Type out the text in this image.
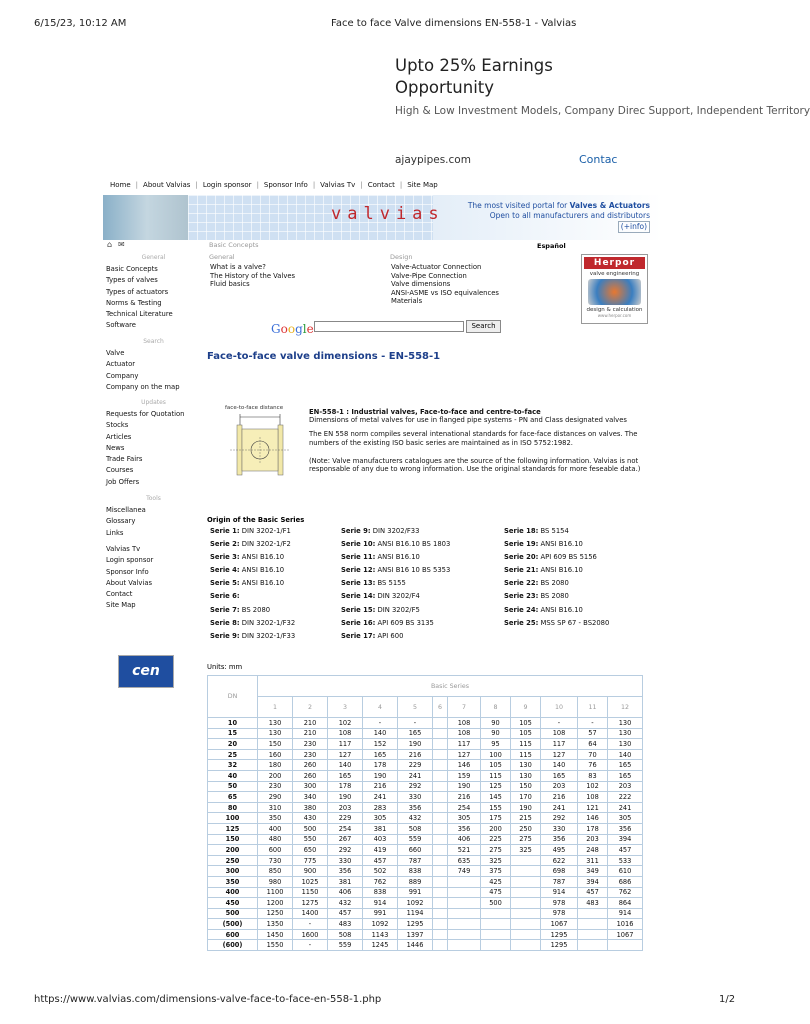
6/15/23, 10:12 AM	Face to face Valve dimensions EN-558-1 - Valvias
Upto 25% Earnings Opportunity
High & Low Investment Models, Company Direc Support, Independent Territory
ajaypipes.com	Contac
Home | About Valvias | Login sponsor | Sponsor Info | Valvias Tv | Contact | Site Map
valvias	The most visited portal for Valves & Actuators
Open to all manufacturers and distributors
(+info)
⌂ ✉	Basic Concepts	Español
General
Basic Concepts
Types of valves
Types of actuators
Norms & Testing
Technical Literature
Software
Search
Valve
Actuator
Company
Company on the map
Updates
Requests for Quotation
Stocks
Articles
News
Trade Fairs
Courses
Job Offers
Tools
Miscellanea
Glossary
Links
Valvias Tv
Login sponsor
Sponsor Info
About Valvias
Contact
Site Map
General
What is a valve?
The History of the Valves
Fluid basics
Design
Valve-Actuator Connection
Valve-Pipe Connection
Valve dimensions
ANSI-ASME vs ISO equivalences
Materials
Herpor
valve engineering
design & calculation
www.herpor.com
Google	Search
Face-to-face valve dimensions - EN-558-1
face-to-face distance	EN-558-1 : Industrial valves, Face-to-face and centre-to-face
Dimensions of metal valves for use in flanged pipe systems - PN and Class designated valves
The EN 558 norm compiles several intenational standards for face-face distances on valves. The numbers of the existing ISO basic series are maintained as in ISO 5752:1982.
(Note: Valve manufacturers catalogues are the source of the following information. Valvias is not responsable of any due to wrong information. Use the original standards for more feseable data.)
Origin of the Basic Series
Serie 1: DIN 3202-1/F1
Serie 2: DIN 3202-1/F2
Serie 3: ANSI B16.10
Serie 4: ANSI B16.10
Serie 5: ANSI B16.10
Serie 6:
Serie 7: BS 2080
Serie 8: DIN 3202-1/F32
Serie 9: DIN 3202-1/F33
Serie 9: DIN 3202/F33
Serie 10: ANSI B16.10 BS 1803
Serie 11: ANSI B16.10
Serie 12: ANSI B16 10 BS 5353
Serie 13: BS 5155
Serie 14: DIN 3202/F4
Serie 15: DIN 3202/F5
Serie 16: API 609 BS 3135
Serie 17: API 600
Serie 18: BS 5154
Serie 19: ANSI B16.10
Serie 20: API 609 BS 5156
Serie 21: ANSI B16.10
Serie 22: BS 2080
Serie 23: BS 2080
Serie 24: ANSI B16.10
Serie 25: MSS SP 67 - BS2080
cen	Units: mm
DN	Basic Series											
	1	2	3	4	5	6	7	8	9	10	11	12
10	130	210	102	-	-		108	90	105	-	-	130
15	130	210	108	140	165		108	90	105	108	57	130
20	150	230	117	152	190		117	95	115	117	64	130
25	160	230	127	165	216		127	100	115	127	70	140
32	180	260	140	178	229		146	105	130	140	76	165
40	200	260	165	190	241		159	115	130	165	83	165
50	230	300	178	216	292		190	125	150	203	102	203
65	290	340	190	241	330		216	145	170	216	108	222
80	310	380	203	283	356		254	155	190	241	121	241
100	350	430	229	305	432		305	175	215	292	146	305
125	400	500	254	381	508		356	200	250	330	178	356
150	480	550	267	403	559		406	225	275	356	203	394
200	600	650	292	419	660		521	275	325	495	248	457
250	730	775	330	457	787		635	325		622	311	533
300	850	900	356	502	838		749	375		698	349	610
350	980	1025	381	762	889			425		787	394	686
400	1100	1150	406	838	991			475		914	457	762
450	1200	1275	432	914	1092			500		978	483	864
500	1250	1400	457	991	1194					978		914
(500)	1350	-	483	1092	1295					1067		1016
600	1450	1600	508	1143	1397					1295		1067
(600)	1550	-	559	1245	1446					1295		
https://www.valvias.com/dimensions-valve-face-to-face-en-558-1.php	1/2
